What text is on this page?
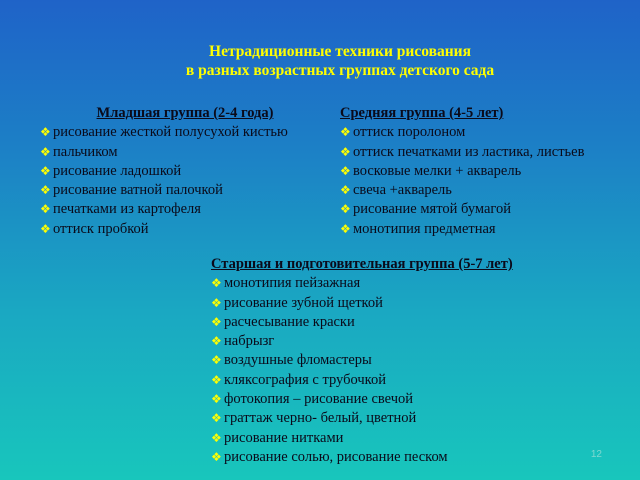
Нетрадиционные техники рисования
в разных возрастных группах детского сада
Младшая группа (2-4 года)
❖ рисование жесткой полусухой кистью
❖ пальчиком
❖ рисование ладошкой
❖ рисование ватной палочкой
❖ печатками из картофеля
❖ оттиск пробкой
Средняя группа (4-5 лет)
❖ оттиск поролоном
❖ оттиск печатками из ластика, листьев
❖ восковые мелки + акварель
❖ свеча +акварель
❖ рисование мятой бумагой
❖ монотипия предметная
Старшая и подготовительная группа (5-7 лет)
❖ монотипия пейзажная
❖ рисование зубной щеткой
❖ расчесывание краски
❖ набрызг
❖ воздушные фломастеры
❖ кляксография с трубочкой
❖ фотокопия – рисование свечой
❖ граттаж черно- белый, цветной
❖ рисование нитками
❖ рисование солью, рисование песком	12
